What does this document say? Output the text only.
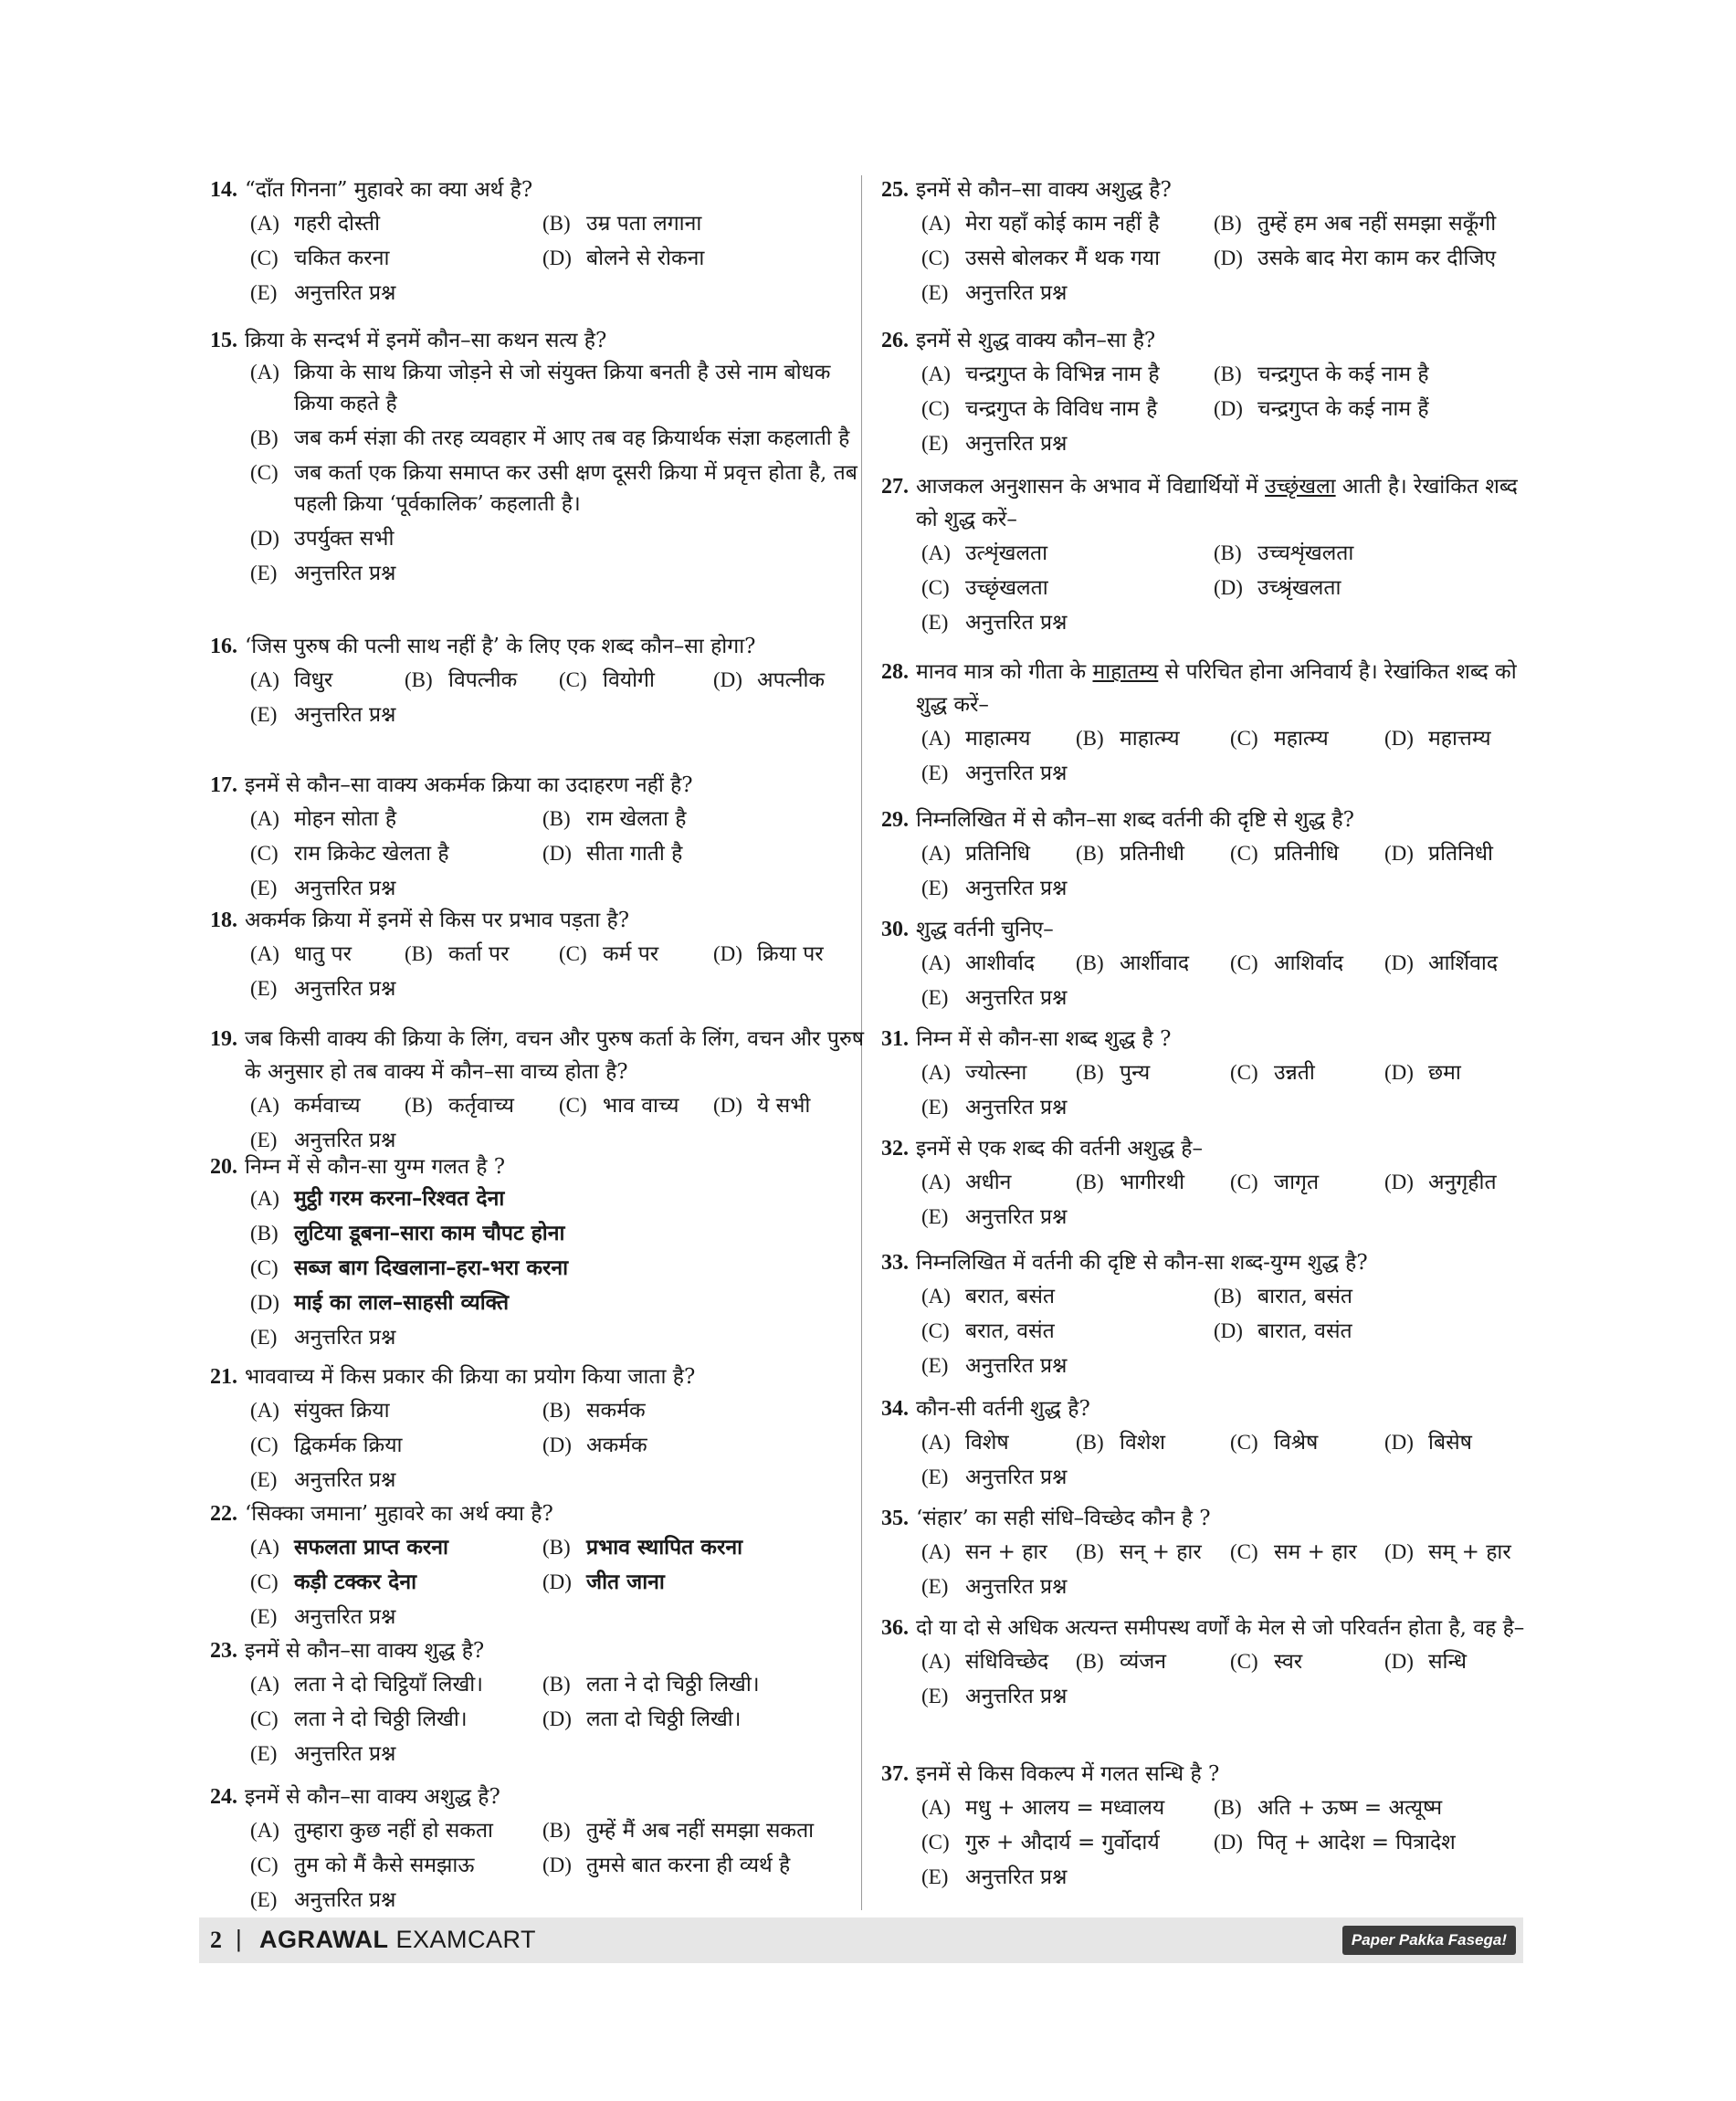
14. “दाँत गिनना” मुहावरे का क्या अर्थ है?
(A) गहरी दोस्ती	(B) उम्र पता लगाना
(C) चकित करना	(D) बोलने से रोकना
(E) अनुत्तरित प्रश्न
15. क्रिया के सन्दर्भ में इनमें कौन–सा कथन सत्य है?
(A) क्रिया के साथ क्रिया जोड़ने से जो संयुक्त क्रिया बनती है उसे नाम बोधक क्रिया कहते है
(B) जब कर्म संज्ञा की तरह व्यवहार में आए तब वह क्रियार्थक संज्ञा कहलाती है
(C) जब कर्ता एक क्रिया समाप्त कर उसी क्षण दूसरी क्रिया में प्रवृत्त होता है, तब पहली क्रिया ‘पूर्वकालिक’ कहलाती है।
(D) उपर्युक्त सभी
(E) अनुत्तरित प्रश्न
16. ‘जिस पुरुष की पत्नी साथ नहीं है’ के लिए एक शब्द कौन–सा होगा?
(A) विधुर	(B) विपत्नीक	(C) वियोगी	(D) अपत्नीक
(E) अनुत्तरित प्रश्न
17. इनमें से कौन–सा वाक्य अकर्मक क्रिया का उदाहरण नहीं है?
(A) मोहन सोता है	(B) राम खेलता है
(C) राम क्रिकेट खेलता है	(D) सीता गाती है
(E) अनुत्तरित प्रश्न
18. अकर्मक क्रिया में इनमें से किस पर प्रभाव पड़ता है?
(A) धातु पर	(B) कर्ता पर	(C) कर्म पर	(D) क्रिया पर
(E) अनुत्तरित प्रश्न
19. जब किसी वाक्य की क्रिया के लिंग, वचन और पुरुष कर्ता के लिंग, वचन और पुरुष के अनुसार हो तब वाक्य में कौन–सा वाच्य होता है?
(A) कर्मवाच्य	(B) कर्तृवाच्य	(C) भाव वाच्य	(D) ये सभी
(E) अनुत्तरित प्रश्न
20. निम्न में से कौन-सा युग्म गलत है ?
(A) मुट्ठी गरम करना–रिश्वत देना
(B) लुटिया डूबना–सारा काम चौपट होना
(C) सब्ज बाग दिखलाना–हरा-भरा करना
(D) माई का लाल–साहसी व्यक्ति
(E) अनुत्तरित प्रश्न
21. भाववाच्य में किस प्रकार की क्रिया का प्रयोग किया जाता है?
(A) संयुक्त क्रिया	(B) सकर्मक
(C) द्विकर्मक क्रिया	(D) अकर्मक
(E) अनुत्तरित प्रश्न
22. ‘सिक्का जमाना’ मुहावरे का अर्थ क्या है?
(A) सफलता प्राप्त करना	(B) प्रभाव स्थापित करना
(C) कड़ी टक्कर देना	(D) जीत जाना
(E) अनुत्तरित प्रश्न
23. इनमें से कौन–सा वाक्य शुद्ध है?
(A) लता ने दो चिट्ठियाँ लिखी।	(B) लता ने दो चिठ्ठी लिखी।
(C) लता ने दो चिठ्ठी लिखी।	(D) लता दो चिठ्ठी लिखी।
(E) अनुत्तरित प्रश्न
24. इनमें से कौन–सा वाक्य अशुद्ध है?
(A) तुम्हारा कुछ नहीं हो सकता	(B) तुम्हें मैं अब नहीं समझा सकता
(C) तुम को मैं कैसे समझाऊ	(D) तुमसे बात करना ही व्यर्थ है
(E) अनुत्तरित प्रश्न
25. इनमें से कौन–सा वाक्य अशुद्ध है?
(A) मेरा यहाँ कोई काम नहीं है	(B) तुम्हें हम अब नहीं समझा सकूँगी
(C) उससे बोलकर मैं थक गया	(D) उसके बाद मेरा काम कर दीजिए
(E) अनुत्तरित प्रश्न
26. इनमें से शुद्ध वाक्य कौन–सा है?
(A) चन्द्रगुप्त के विभिन्न नाम है	(B) चन्द्रगुप्त के कई नाम है
(C) चन्द्रगुप्त के विविध नाम है	(D) चन्द्रगुप्त के कई नाम हैं
(E) अनुत्तरित प्रश्न
27. आजकल अनुशासन के अभाव में विद्यार्थियों में उच्छृंखला आती है। रेखांकित शब्द को शुद्ध करें–
(A) उत्शृंखलता	(B) उच्चशृंखलता
(C) उच्छृंखलता	(D) उच्श्रृंखलता
(E) अनुत्तरित प्रश्न
28. मानव मात्र को गीता के माहातम्य से परिचित होना अनिवार्य है। रेखांकित शब्द को शुद्ध करें–
(A) माहात्मय	(B) माहात्म्य	(C) महात्म्य	(D) महात्तम्य
(E) अनुत्तरित प्रश्न
29. निम्नलिखित में से कौन–सा शब्द वर्तनी की दृष्टि से शुद्ध है?
(A) प्रतिनिधि	(B) प्रतिनीधी	(C) प्रतिनीधि	(D) प्रतिनिधी
(E) अनुत्तरित प्रश्न
30. शुद्ध वर्तनी चुनिए–
(A) आशीर्वाद	(B) आर्शीवाद	(C) आशिर्वाद	(D) आर्शिवाद
(E) अनुत्तरित प्रश्न
31. निम्न में से कौन-सा शब्द शुद्ध है ?
(A) ज्योत्स्ना	(B) पुन्य	(C) उन्नती	(D) छमा
(E) अनुत्तरित प्रश्न
32. इनमें से एक शब्द की वर्तनी अशुद्ध है–
(A) अधीन	(B) भागीरथी	(C) जागृत	(D) अनुगृहीत
(E) अनुत्तरित प्रश्न
33. निम्नलिखित में वर्तनी की दृष्टि से कौन-सा शब्द-युग्म शुद्ध है?
(A) बरात, बसंत	(B) बारात, बसंत
(C) बरात, वसंत	(D) बारात, वसंत
(E) अनुत्तरित प्रश्न
34. कौन-सी वर्तनी शुद्ध है?
(A) विशेष	(B) विशेश	(C) विश्रेष	(D) बिसेष
(E) अनुत्तरित प्रश्न
35. ‘संहार’ का सही संधि–विच्छेद कौन है ?
(A) सन + हार	(B) सन् + हार	(C) सम + हार	(D) सम् + हार
(E) अनुत्तरित प्रश्न
36. दो या दो से अधिक अत्यन्त समीपस्थ वर्णों के मेल से जो परिवर्तन होता है, वह है–
(A) संधिविच्छेद	(B) व्यंजन	(C) स्वर	(D) सन्धि
(E) अनुत्तरित प्रश्न
37. इनमें से किस विकल्प में गलत सन्धि है ?
(A) मधु + आलय = मध्वालय	(B) अति + ऊष्म = अत्यूष्म
(C) गुरु + औदार्य = गुर्वोदार्य	(D) पितृ + आदेश = पित्रादेश
(E) अनुत्तरित प्रश्न
2 | AGRAWAL EXAMCART	Paper Pakka Fasega!
